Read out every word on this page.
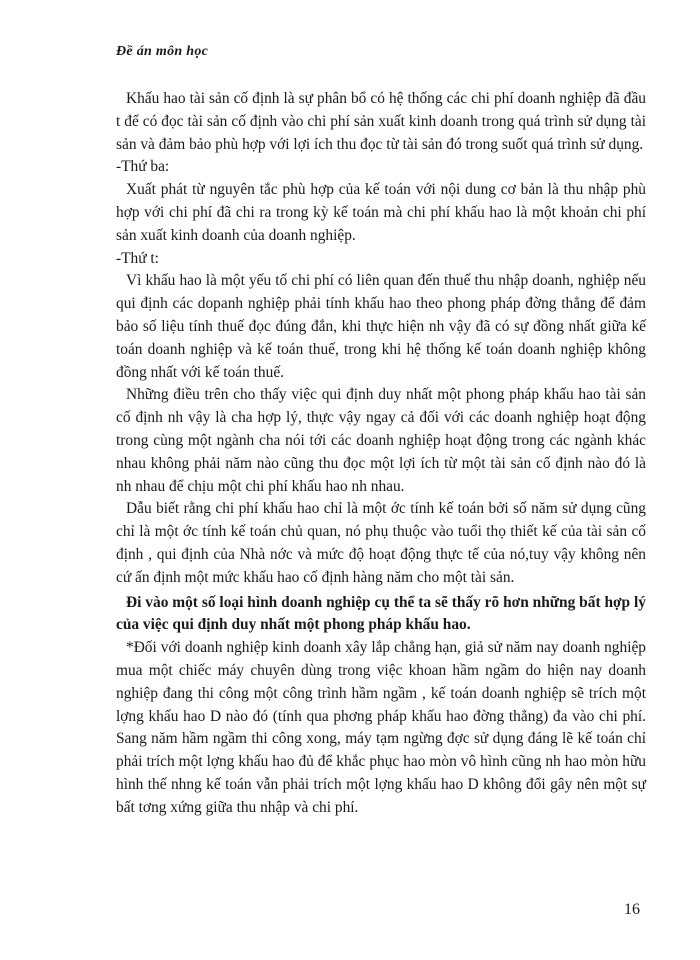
Đề án môn học

Khấu hao tài sản cố định là sự phân bổ có hệ thống các chi phí doanh nghiệp đã đầu t để có đọc tài sản cố định vào chi phí sản xuất kinh doanh trong quá trình sử dụng tài sản và đảm bảo phù hợp với lợi ích thu đọc từ tài sản đó trong suốt quá trình sử dụng.

-Thứ ba:

Xuất phát từ nguyên tắc phù hợp của kế toán với nội dung cơ bản là thu nhập phù hợp với chi phí đã chi ra trong kỳ kế toán mà chi phí khấu hao là một khoản chi phí sản xuất kinh doanh của doanh nghiệp.

-Thứ t:

Vì khấu hao là một yếu tố chi phí có liên quan đến thuế thu nhập doanh, nghiệp nếu qui định các dopanh nghiệp phải tính khấu hao theo phong pháp đờng thẳng để đảm bảo số liệu tính thuế đọc đúng đắn, khi thực hiện nh vậy đã có sự đồng nhất giữa kế toán doanh nghiệp và kế toán thuế, trong khi hệ thống kế toán doanh nghiệp không đồng nhất với kế toán thuế.

Những điều trên cho thấy việc qui định duy nhất một phong pháp khấu hao tài sản cố định nh vậy là cha hợp lý, thực vậy ngay cả đối với các doanh nghiệp hoạt động trong cùng một ngành cha nói tới các doanh nghiệp hoạt động trong các ngành khác nhau không phải năm nào cũng thu đọc một lợi ích từ một tài sản cố định nào đó là nh nhau để chịu một chi phí khấu hao nh nhau.

Dẫu biết rằng chi phí khấu hao chỉ là một ớc tính kế toán bởi số năm sử dụng cũng chỉ là một ớc tính kế toán chủ quan, nó phụ thuộc vào tuổi thọ thiết kế của tài sản cố định , qui định của Nhà nớc và mức độ hoạt động thực tế của nó,tuy vậy không nên cứ ấn định một mức khấu hao cố định hàng năm cho một tài sản.

Đi vào một số loại hình doanh nghiệp cụ thể ta sẽ thấy rõ hơn những bất hợp lý của việc qui định duy nhất một phong pháp khấu hao.

*Đối với doanh nghiệp kinh doanh xây lắp chẳng hạn, giả sử năm nay doanh nghiệp mua một chiếc máy chuyên dùng trong việc khoan hầm ngầm do hiện nay doanh nghiệp đang thi công một công trình hầm ngầm , kế toán doanh nghiệp sẽ trích một lợng khấu hao D nào đó (tính qua phơng pháp khấu hao đờng thẳng) đa vào chi phí. Sang năm hầm ngầm thi công xong, máy tạm ngừng đợc sử dụng đáng lẽ kế toán chỉ phải trích một lợng khấu hao đủ để khắc phục hao mòn vô hình cũng nh hao mòn hữu hình thế nhng kế toán vẫn phải trích một lợng khấu hao D không đổi gây nên một sự bất tơng xứng giữa thu nhập và chi phí.

16
